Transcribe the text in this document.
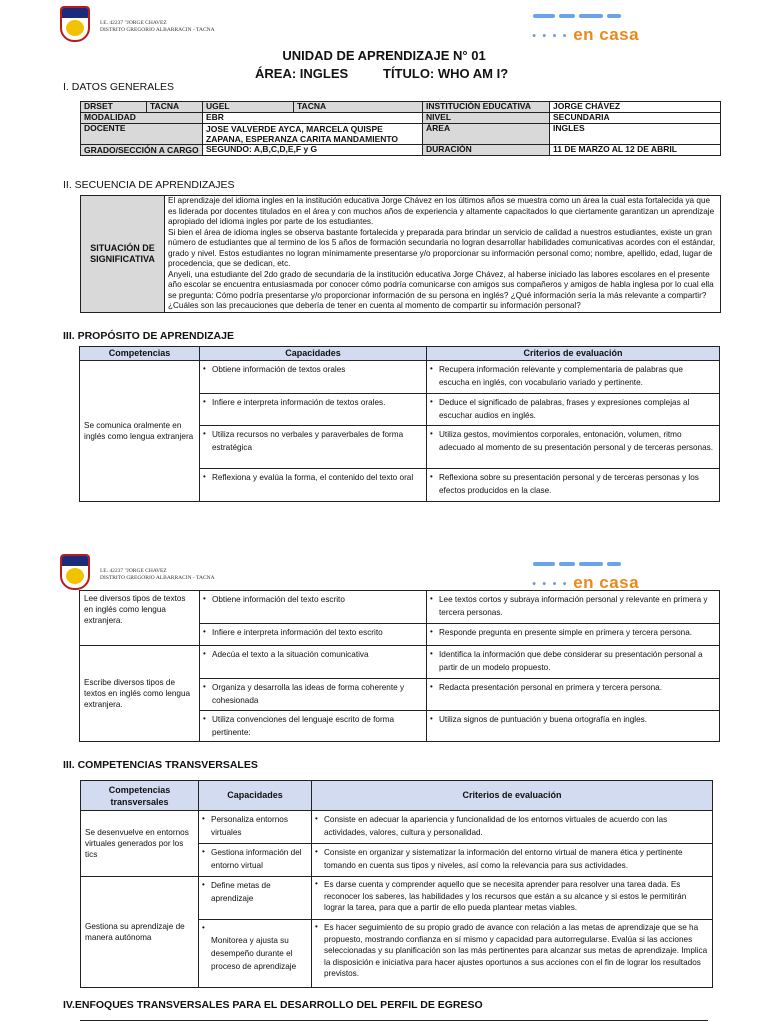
I.E. 42237 "JORGE CHAVEZ
DISTRITO GREGORIO ALBARRACIN - TACNA
● ● ● ● en casa
UNIDAD DE APRENDIZAJE N° 01
ÁREA: INGLES	TÍTULO: WHO AM I?
I. DATOS GENERALES
DRSET	TACNA	UGEL	TACNA	INSTITUCIÓN EDUCATIVA	JORGE CHÁVEZ
MODALIDAD		EBR		NIVEL	SECUNDARIA
DOCENTE		JOSE VALVERDE AYCA, MARCELA QUISPE ZAPANA, ESPERANZA CARITA MANDAMIENTO		ÁREA	INGLES
GRADO/SECCIÓN A CARGO		SEGUNDO: A,B,C,D,E,F y G		DURACIÓN	11 DE MARZO AL 12 DE ABRIL
II. SECUENCIA DE APRENDIZAJES
SITUACIÓN DE SIGNIFICATIVA	
El aprendizaje del idioma ingles en la institución educativa Jorge Chávez en los últimos años se muestra como un área la cual esta fortalecida ya que es liderada por docentes titulados en el área y con muchos años de experiencia y altamente capacitados lo que ciertamente garantizan un aprendizaje apropiado del idioma ingles por parte de los estudiantes.
Si bien el área de idioma ingles se observa bastante fortalecida y preparada para brindar un servicio de calidad a nuestros estudiantes, existe un gran número de estudiantes que al termino de los 5 años de formación secundaria no logran desarrollar habilidades comunicativas acordes con el estándar, grado y nivel. Estos estudiantes no logran mínimamente presentarse y/o proporcionar su información personal como; nombre, apellido, edad, lugar de procedencia, que se dedican, etc.
Anyeli, una estudiante del 2do grado de secundaria de la institución educativa Jorge Chávez, al haberse iniciado las labores escolares en el presente año escolar se encuentra entusiasmada por conocer cómo podría comunicarse con amigos sus compañeros y amigos de habla inglesa por lo cual ella se pregunta: Cómo podría presentarse y/o proporcionar información de su persona en inglés? ¿Qué información sería la más relevante a compartir? ¿Cuáles son las precauciones que debería de tener en cuenta al momento de compartir su información personal?
III. PROPÓSITO DE APRENDIZAJE
Competencias	Capacidades	Criterios de evaluación
Se comunica oralmente en inglés como lengua extranjera	• Obtiene información de textos orales	• Recupera información relevante y complementaria de palabras que escucha en inglés, con vocabulario variado y pertinente.
	• Infiere e interpreta información de textos orales.	• Deduce el significado de palabras, frases y expresiones complejas al escuchar audios en inglés.
	• Utiliza recursos no verbales y paraverbales de forma estratégica	• Utiliza gestos, movimientos corporales, entonación, volumen, ritmo adecuado al momento de su presentación personal y de terceras personas.
	• Reflexiona y evalúa la forma, el contenido del texto oral	• Reflexiona sobre su presentación personal y de terceras personas y los efectos producidos en la clase.
I.E. 42237 "JORGE CHAVEZ
DISTRITO GREGORIO ALBARRACIN - TACNA
● ● ● ● en casa
Lee diversos tipos de textos en inglés como lengua extranjera.	• Obtiene información del texto escrito	• Lee textos cortos y subraya información personal y relevante en primera y tercera personas.
	• Infiere e interpreta información del texto escrito	• Responde pregunta en presente simple en primera y tercera persona.
Escribe diversos tipos de textos en inglés como lengua extranjera.	• Adecúa el texto a la situación comunicativa	• Identifica la información que debe considerar su presentación personal a partir de un modelo propuesto.
	• Organiza y desarrolla las ideas de forma coherente y cohesionada	• Redacta presentación personal en primera y tercera persona.
	• Utiliza convenciones del lenguaje escrito de forma pertinente:	• Utiliza signos de puntuación y buena ortografía en ingles.
III. COMPETENCIAS TRANSVERSALES
Competencias transversales	Capacidades	Criterios de evaluación
Se desenvuelve en entornos virtuales generados por los tics	• Personaliza entornos virtuales	• Consiste en adecuar la apariencia y funcionalidad de los entornos virtuales de acuerdo con las actividades, valores, cultura y personalidad.
	• Gestiona información del entorno virtual	• Consiste en organizar y sistematizar la información del entorno virtual de manera ética y pertinente tomando en cuenta sus tipos y niveles, así como la relevancia para sus actividades.
Gestiona su aprendizaje de manera autónoma	• Define metas de aprendizaje	• Es darse cuenta y comprender aquello que se necesita aprender para resolver una tarea dada. Es reconocer los saberes, las habilidades y los recursos que están a su alcance y si estos le permitirán lograr la tarea, para que a partir de ello pueda plantear metas viables.
	• Monitorea y ajusta su desempeño durante el proceso de aprendizaje	• Es hacer seguimiento de su propio grado de avance con relación a las metas de aprendizaje que se ha propuesto, mostrando confianza en sí mismo y capacidad para autorregularse. Evalúa si las acciones seleccionadas y su planificación son las más pertinentes para alcanzar sus metas de aprendizaje. Implica la disposición e iniciativa para hacer ajustes oportunos a sus acciones con el fin de lograr los resultados previstos.
IV.ENFOQUES TRANSVERSALES PARA EL DESARROLLO DEL PERFIL DE EGRESO
